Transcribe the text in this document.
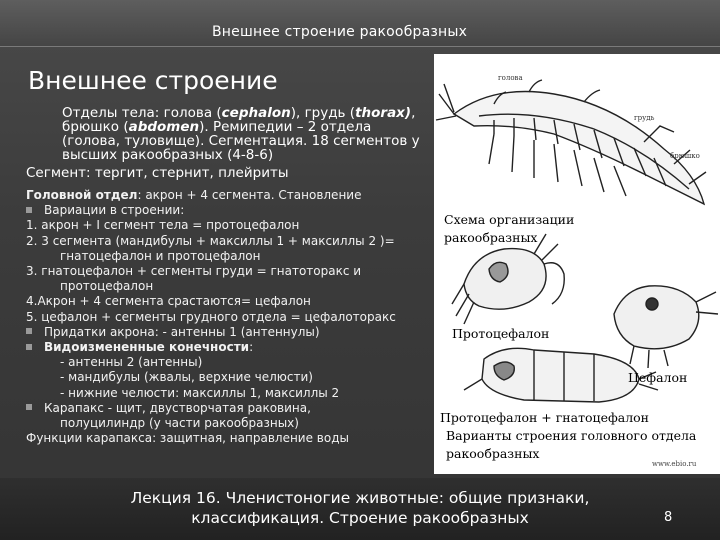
Внешнее строение ракообразных
Внешнее строение

Отделы тела: голова (cephalon), грудь (thorax), брюшко (abdomen). Ремипедии – 2 отдела (голова, туловище). Сегментация. 18 сегментов у высших ракообразных (4-8-6)

Сегмент: тергит, стернит, плейриты

Головной отдел: акрон + 4 сегмента. Становление
Вариации в строении:
1. акрон + I сегмент тела = протоцефалон
2. 3 сегмента (мандибулы + максиллы 1 + максиллы 2 )=
гнатоцефалон и протоцефалон
3. гнатоцефалон + сегменты груди = гнатоторакс и
протоцефалон
4.Акрон + 4 сегмента срастаются= цефалон
5. цефалон + сегменты грудного отдела = цефалоторакс
Придатки акрона: - антенны 1 (антеннулы)
Видоизмененные конечности:
- антенны 2 (антенны)
- мандибулы (жвалы, верхние челюсти)
- нижние челюсти: максиллы 1, максиллы 2
Карапакс - щит, двустворчатая раковина,
полуцилиндр (у части ракообразных)
Функции карапакса: защитная, направление воды
голова
грудь
брюшко
Схема организации
ракообразных
Протоцефалон
Цефалон
Протоцефалон + гнатоцефалон
Варианты строения головного отдела
ракообразных
www.ebio.ru
Лекция 16. Членистоногие животные: общие признаки,
классификация. Строение ракообразных	8
